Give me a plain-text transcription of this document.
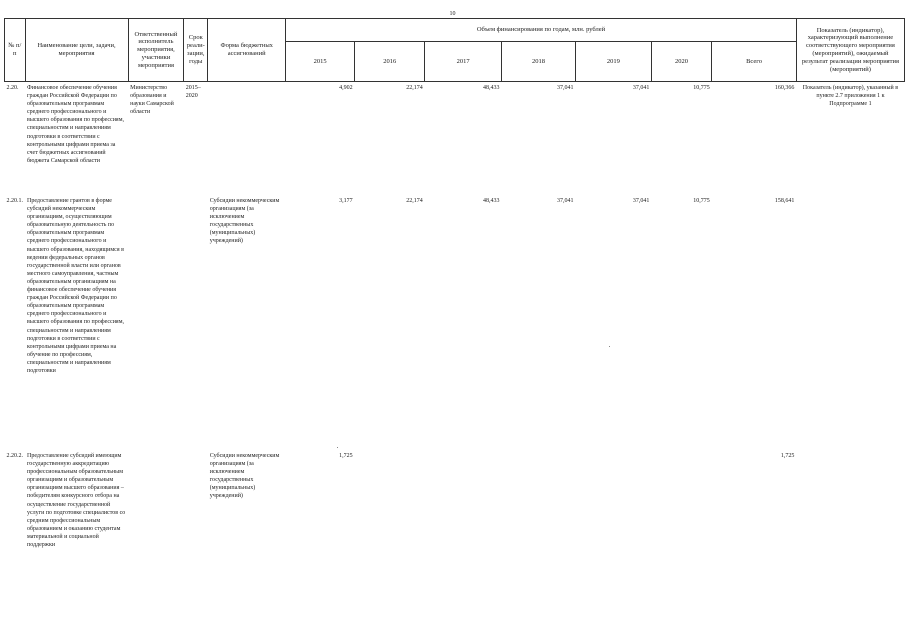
10
№ п/п	Наименование цели, задачи, мероприятия	Ответственный исполнитель мероприятия, участники мероприятия	Срок реали-зации, годы	Форма бюджетных ассигнований	Объем финансирования по годам, млн. рублей							Показатель (индикатор), характеризующий выполнение соответствующего мероприятия (мероприятий), ожидаемый результат реализации мероприятия (мероприятий)
					2015	2016	2017	2018	2019	2020	Всего	
2.20.	Финансовое обеспечение обучения граждан Российской Федерации по образовательным программам среднего профессионального и высшего образования по профессиям, специальностям и направлениям подготовки в соответствии с контрольными цифрами приема за счет бюджетных ассигнований бюджета Самарской области	Министерство образования и науки Самарской области	2015–2020		4,902	22,174	48,433	37,041	37,041	10,775	160,366	Показатель (индикатор), указанный в пункте 2.7 приложения 1 к Подпрограмме 1
2.20.1.	Предоставление грантов в форме субсидий некоммерческим организациям, осуществляющим образовательную деятельность по образовательным программам среднего профессионального и высшего образования, находящимся в ведении федеральных органов государственной власти или органов местного самоуправления, частным образовательным организациям на финансовое обеспечение обучения граждан Российской Федерации по образовательным программам среднего профессионального и высшего образования по профессиям, специальностям и направлениям подготовки в соответствии с контрольными цифрами приема на обучение по профессиям, специальностям и направлениям подготовки			Субсидии некоммерческим организациям (за исключением государственных (муниципальных) учреждений)	3,177	22,174	48,433	37,041	37,041	10,775	158,641	
2.20.2.	Предоставление субсидий имеющим государственную аккредитацию профессиональным образовательным организациям и образовательным организациям высшего образования – победителям конкурсного отбора на осуществление государственной услуги по подготовке специалистов со средним профессиональным образованием и оказанию студентам материальной и социальной поддержки			Субсидии некоммерческим организациям (за исключением государственных (муниципальных) учреждений)	1,725						1,725	
